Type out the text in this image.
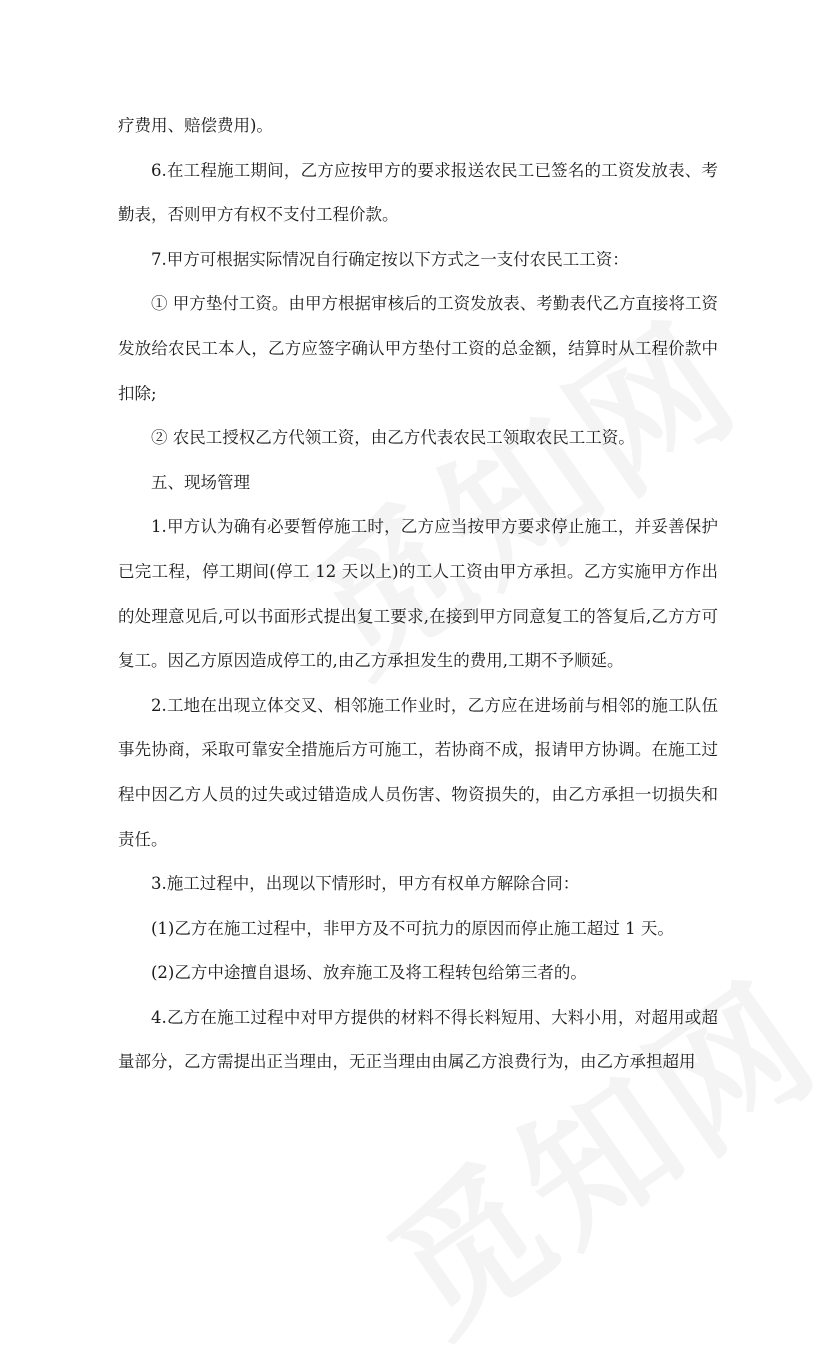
疗费用、赔偿费用)。

6.在工程施工期间，乙方应按甲方的要求报送农民工已签名的工资发放表、考勤表，否则甲方有权不支付工程价款。

7.甲方可根据实际情况自行确定按以下方式之一支付农民工工资：

① 甲方垫付工资。由甲方根据审核后的工资发放表、考勤表代乙方直接将工资发放给农民工本人，乙方应签字确认甲方垫付工资的总金额，结算时从工程价款中扣除;

② 农民工授权乙方代领工资，由乙方代表农民工领取农民工工资。

五、现场管理

1.甲方认为确有必要暂停施工时，乙方应当按甲方要求停止施工，并妥善保护已完工程，停工期间(停工 12 天以上)的工人工资由甲方承担。乙方实施甲方作出的处理意见后,可以书面形式提出复工要求,在接到甲方同意复工的答复后,乙方方可复工。因乙方原因造成停工的,由乙方承担发生的费用,工期不予顺延。

2.工地在出现立体交叉、相邻施工作业时，乙方应在进场前与相邻的施工队伍事先协商，采取可靠安全措施后方可施工，若协商不成，报请甲方协调。在施工过程中因乙方人员的过失或过错造成人员伤害、物资损失的，由乙方承担一切损失和责任。

3.施工过程中，出现以下情形时，甲方有权单方解除合同：

(1)乙方在施工过程中，非甲方及不可抗力的原因而停止施工超过 1 天。

(2)乙方中途擅自退场、放弃施工及将工程转包给第三者的。

4.乙方在施工过程中对甲方提供的材料不得长料短用、大料小用，对超用或超量部分，乙方需提出正当理由，无正当理由由属乙方浪费行为，由乙方承担超用
